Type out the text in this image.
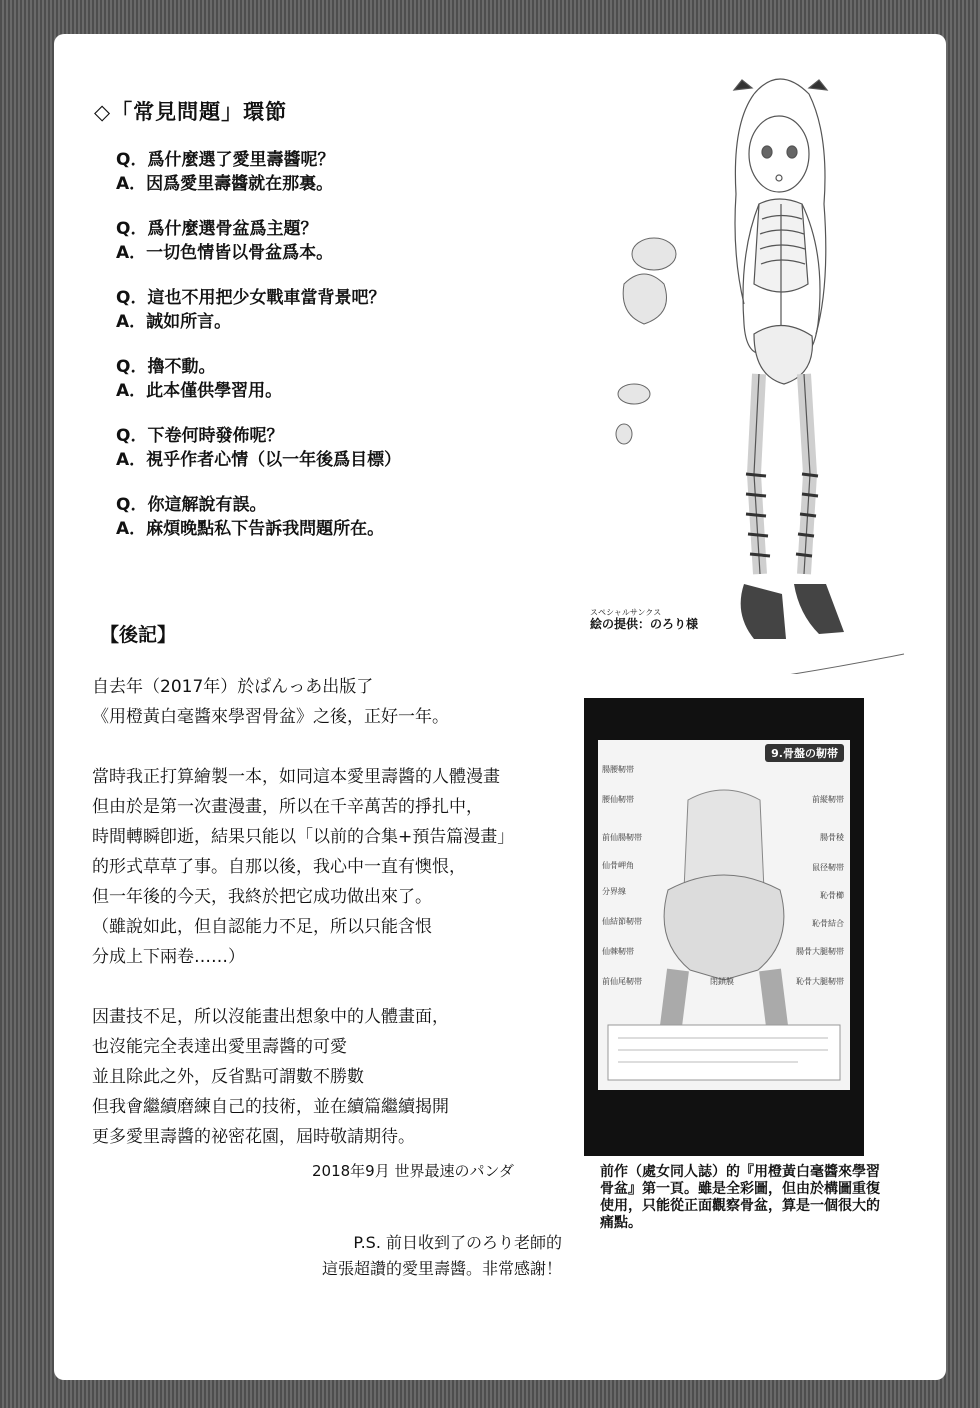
◇「常見問題」環節
Q．爲什麼選了愛里壽醬呢？
A．因爲愛里壽醬就在那裏。
Q．爲什麼選骨盆爲主題？
A．一切色情皆以骨盆爲本。
Q．這也不用把少女戰車當背景吧？
A．誠如所言。
Q．擼不動。
A．此本僅供學習用。
Q．下卷何時發佈呢？
A．視乎作者心情（以一年後爲目標）
Q．你這解說有誤。
A．麻煩晚點私下告訴我問題所在。
スペシャルサンクス
絵の提供：のろり様
【後記】
自去年（2017年）於ぱんっあ出版了
《用橙黃白毫醬來學習骨盆》之後，正好一年。
當時我正打算繪製一本，如同這本愛里壽醬的人體漫畫
但由於是第一次畫漫畫，所以在千辛萬苦的掙扎中，
時間轉瞬卽逝，結果只能以「以前的合集+預告篇漫畫」
的形式草草了事。自那以後，我心中一直有懊恨，
但一年後的今天，我終於把它成功做出來了。
（雖說如此，但自認能力不足，所以只能含恨
分成上下兩卷……）
因畫技不足，所以沒能畫出想象中的人體畫面，
也沒能完全表達出愛里壽醬的可愛
並且除此之外，反省點可謂數不勝數
但我會繼續磨練自己的技術，並在續篇繼續揭開
更多愛里壽醬的祕密花園，屆時敬請期待。
2018年9月 世界最速のパンダ
P.S. 前日收到了のろり老師的
這張超讚的愛里壽醬。非常感謝！
9.骨盤の靭帯
腸腰靭帯
腰仙靭帯
前仙腸靭帯
仙骨岬角
分界線
仙結節靭帯
仙棘靭帯
前仙尾靭帯
前縦靭帯
腸骨稜
鼠径靭帯
恥骨櫛
恥骨結合
腸骨大腿靭帯
恥骨大腿靭帯
閉鎖膜
前作（處女同人誌）的『用橙黃白毫醬來學習骨盆』第一頁。雖是全彩圖，但由於構圖重復使用，只能從正面觀察骨盆，算是一個很大的痛點。
